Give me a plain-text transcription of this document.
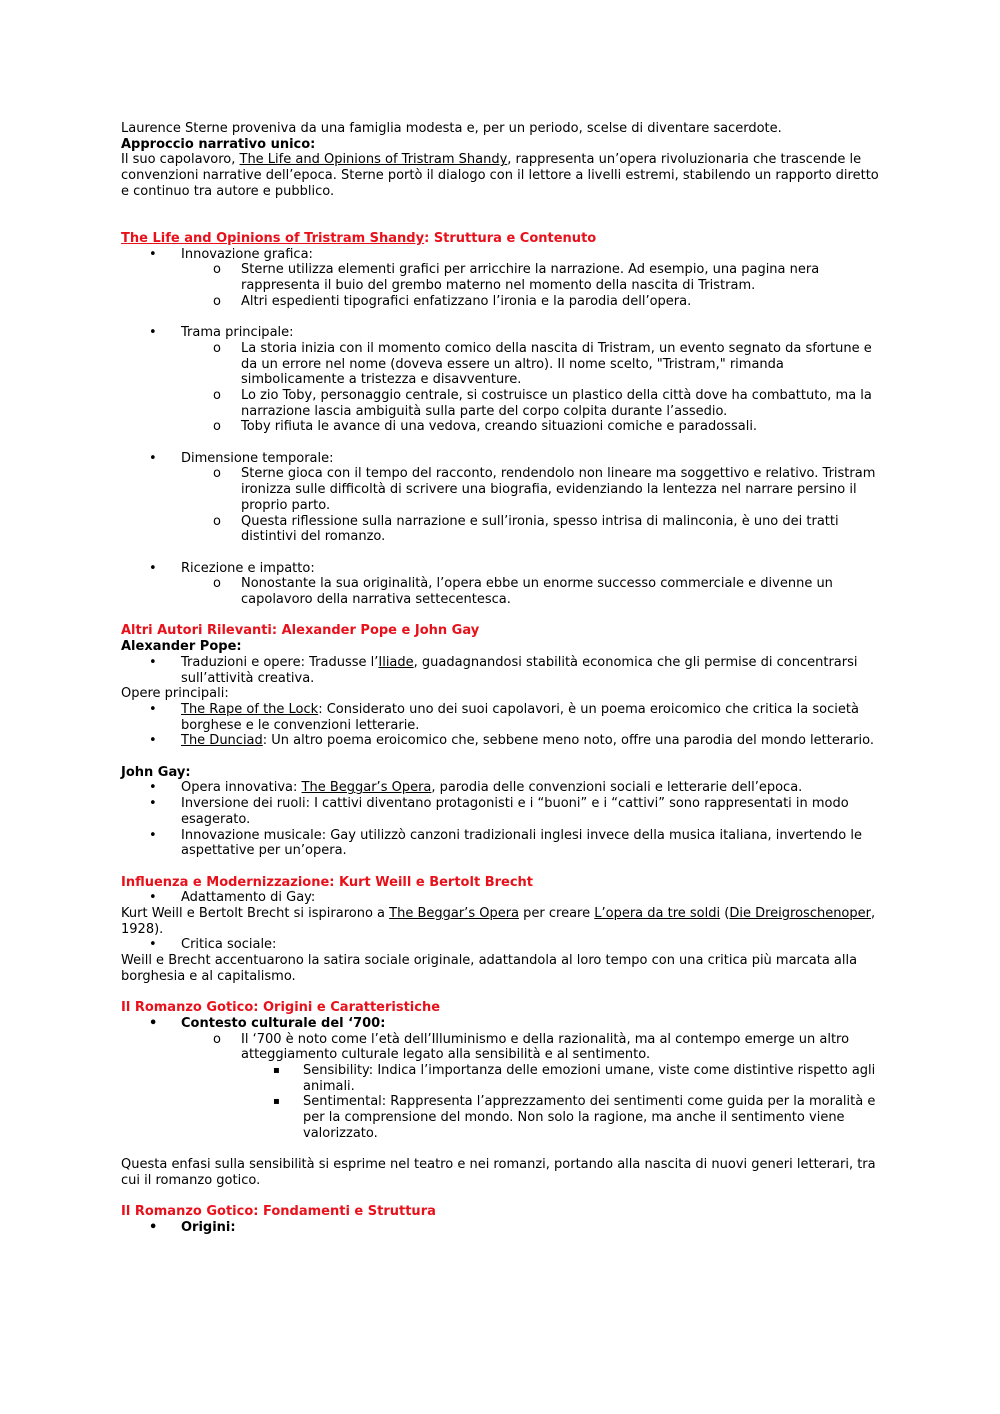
Laurence Sterne proveniva da una famiglia modesta e, per un periodo, scelse di diventare sacerdote.

Approccio narrativo unico:

Il suo capolavoro, The Life and Opinions of Tristram Shandy, rappresenta un’opera rivoluzionaria che trascende le convenzioni narrative dell’epoca. Sterne portò il dialogo con il lettore a livelli estremi, stabilendo un rapporto diretto e continuo tra autore e pubblico.

The Life and Opinions of Tristram Shandy: Struttura e Contenuto

• Innovazione grafica:
o Sterne utilizza elementi grafici per arricchire la narrazione. Ad esempio, una pagina nera rappresenta il buio del grembo materno nel momento della nascita di Tristram.
o Altri espedienti tipografici enfatizzano l’ironia e la parodia dell’opera.
• Trama principale:
o La storia inizia con il momento comico della nascita di Tristram, un evento segnato da sfortune e da un errore nel nome (doveva essere un altro). Il nome scelto, "Tristram," rimanda simbolicamente a tristezza e disavventure.
o Lo zio Toby, personaggio centrale, si costruisce un plastico della città dove ha combattuto, ma la narrazione lascia ambiguità sulla parte del corpo colpita durante l’assedio.
o Toby rifiuta le avance di una vedova, creando situazioni comiche e paradossali.
• Dimensione temporale:
o Sterne gioca con il tempo del racconto, rendendolo non lineare ma soggettivo e relativo. Tristram ironizza sulle difficoltà di scrivere una biografia, evidenziando la lentezza nel narrare persino il proprio parto.
o Questa riflessione sulla narrazione e sull’ironia, spesso intrisa di malinconia, è uno dei tratti distintivi del romanzo.
• Ricezione e impatto:
o Nonostante la sua originalità, l’opera ebbe un enorme successo commerciale e divenne un capolavoro della narrativa settecentesca.

Altri Autori Rilevanti: Alexander Pope e John Gay

Alexander Pope:

• Traduzioni e opere: Tradusse l’Iliade, guadagnandosi stabilità economica che gli permise di concentrarsi sull’attività creativa.

Opere principali:

• The Rape of the Lock: Considerato uno dei suoi capolavori, è un poema eroicomico che critica la società borghese e le convenzioni letterarie.
• The Dunciad: Un altro poema eroicomico che, sebbene meno noto, offre una parodia del mondo letterario.

John Gay:

• Opera innovativa: The Beggar’s Opera, parodia delle convenzioni sociali e letterarie dell’epoca.
• Inversione dei ruoli: I cattivi diventano protagonisti e i “buoni” e i “cattivi” sono rappresentati in modo esagerato.
• Innovazione musicale: Gay utilizzò canzoni tradizionali inglesi invece della musica italiana, invertendo le aspettative per un’opera.

Influenza e Modernizzazione: Kurt Weill e Bertolt Brecht

• Adattamento di Gay:

Kurt Weill e Bertolt Brecht si ispirarono a The Beggar’s Opera per creare L’opera da tre soldi (Die Dreigroschenoper, 1928).

• Critica sociale:

Weill e Brecht accentuarono la satira sociale originale, adattandola al loro tempo con una critica più marcata alla borghesia e al capitalismo.

Il Romanzo Gotico: Origini e Caratteristiche

• Contesto culturale del ‘700:
o Il ‘700 è noto come l’età dell’Illuminismo e della razionalità, ma al contempo emerge un altro atteggiamento culturale legato alla sensibilità e al sentimento.
▪ Sensibility: Indica l’importanza delle emozioni umane, viste come distintive rispetto agli animali.
▪ Sentimental: Rappresenta l’apprezzamento dei sentimenti come guida per la moralità e per la comprensione del mondo. Non solo la ragione, ma anche il sentimento viene valorizzato.

Questa enfasi sulla sensibilità si esprime nel teatro e nei romanzi, portando alla nascita di nuovi generi letterari, tra cui il romanzo gotico.

Il Romanzo Gotico: Fondamenti e Struttura

• Origini:
